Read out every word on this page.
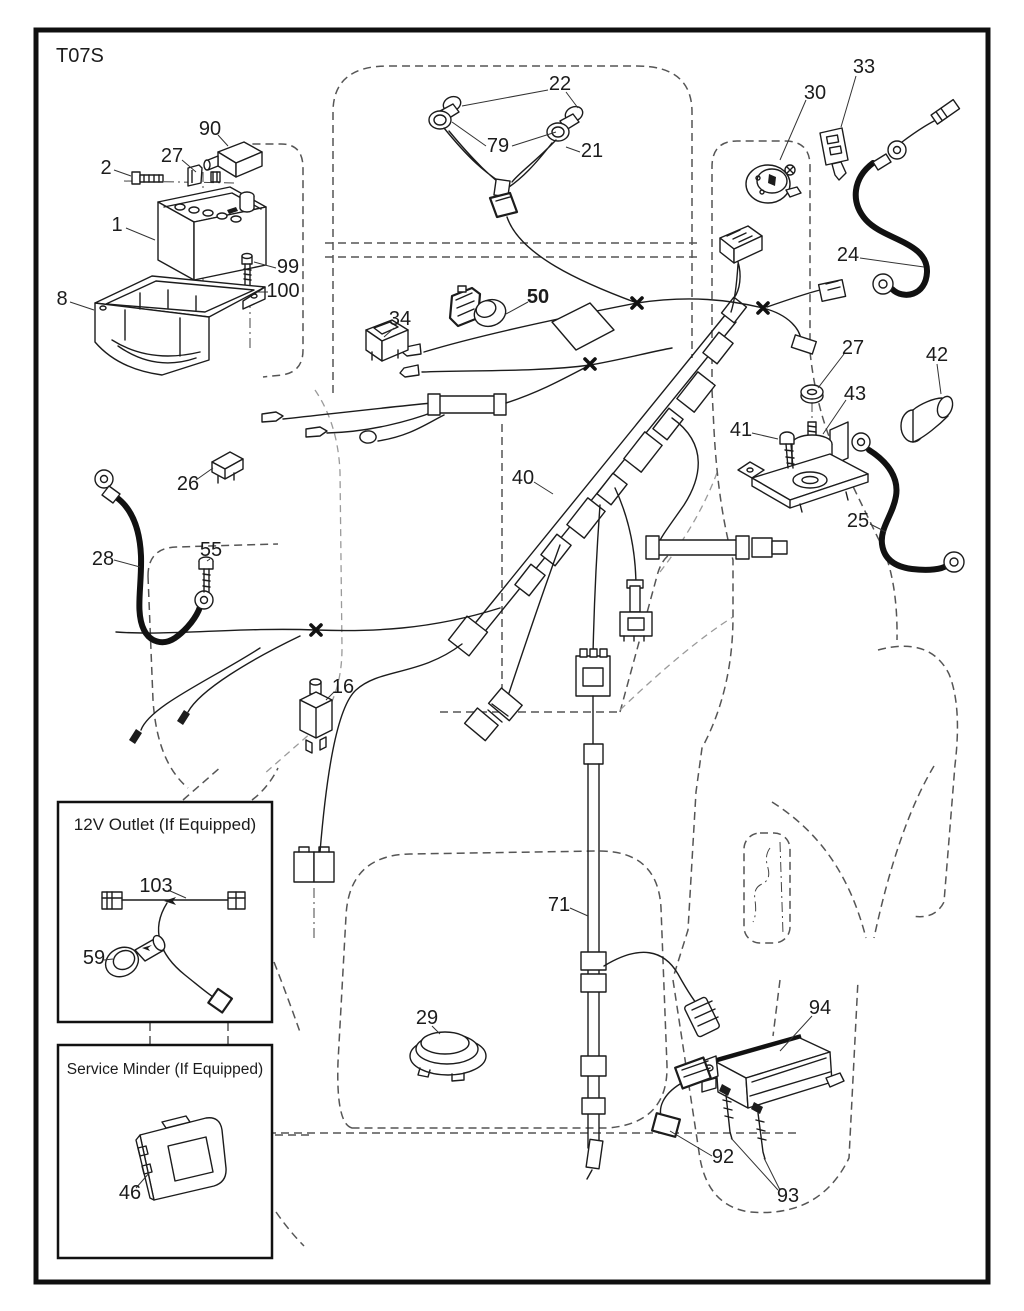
T07S
12V Outlet (If Equipped)
Service Minder (If Equipped)
90
27
2
1
99
100
8
22
79	21
30
33
24
34
50
26
28	55
40
27	42
43
41
25
16
71
29	94
92
93
103
59
46
